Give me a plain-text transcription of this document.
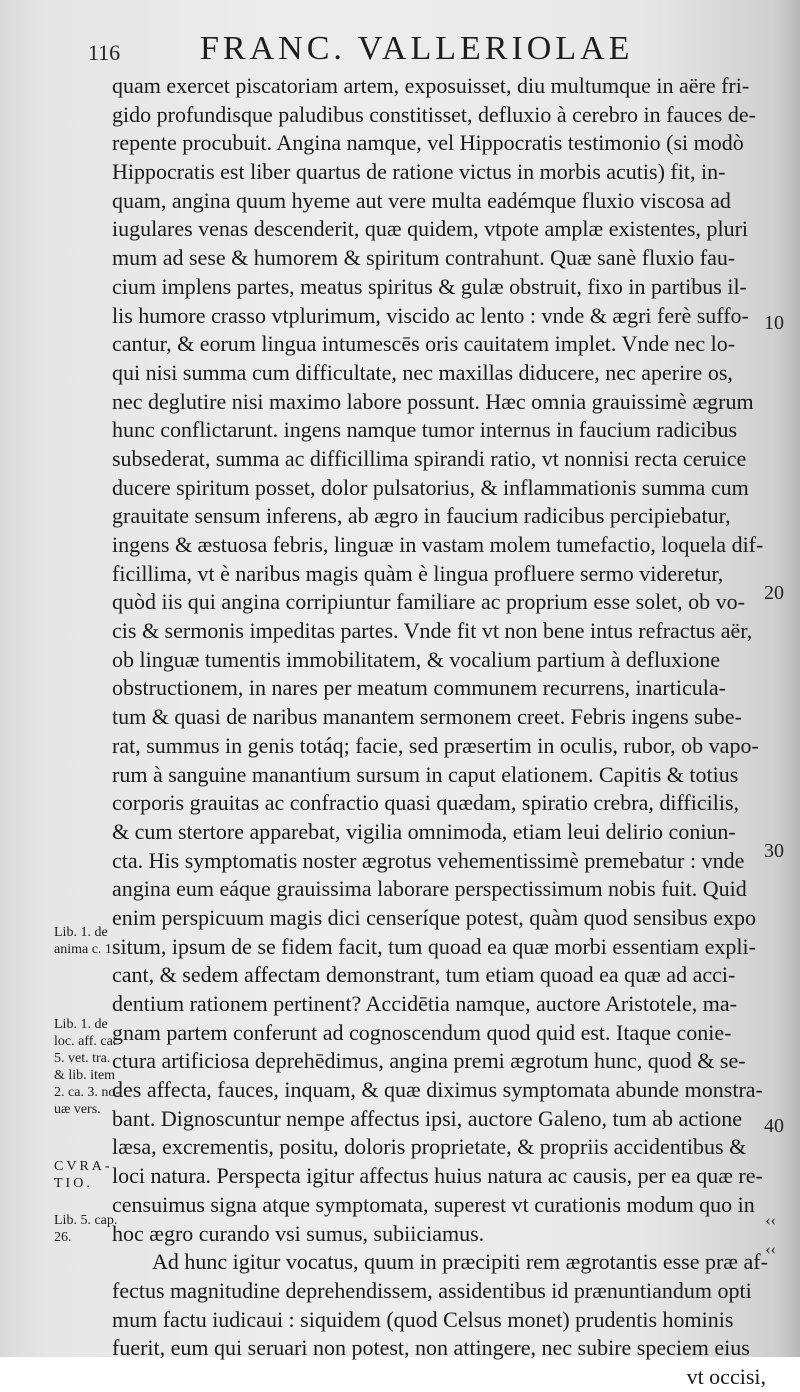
116 FRANC. VALLERIOLAE
quam exercet piscatoriam artem, exposuisset, diu multumque in aëre fri-
gido profundisque paludibus constitisset, defluxio à cerebro in fauces de-
repente procubuit. Angina namque, vel Hippocratis testimonio (si modò
Hippocratis est liber quartus de ratione victus in morbis acutis) fit, in-
quam, angina quum hyeme aut vere multa eadémque fluxio viscosa ad
iugulares venas descenderit, quæ quidem, vtpote amplæ existentes, pluri
mum ad sese & humorem & spiritum contrahunt. Quæ sanè fluxio fau-
cium implens partes, meatus spiritus & gulæ obstruit, fixo in partibus il-
lis humore crasso vtplurimum, viscido ac lento : vnde & ægri ferè suffo-
cantur, & eorum lingua intumescēs oris cauitatem implet. Vnde nec lo-
qui nisi summa cum difficultate, nec maxillas diducere, nec aperire os,
nec deglutire nisi maximo labore possunt. Hæc omnia grauissimè ægrum
hunc conflictarunt. ingens namque tumor internus in faucium radicibus
subsederat, summa ac difficillima spirandi ratio, vt nonnisi recta ceruice
ducere spiritum posset, dolor pulsatorius, & inflammationis summa cum
grauitate sensum inferens, ab ægro in faucium radicibus percipiebatur,
ingens & æstuosa febris, linguæ in vastam molem tumefactio, loquela dif-
ficillima, vt è naribus magis quàm è lingua profluere sermo videretur,
quòd iis qui angina corripiuntur familiare ac proprium esse solet, ob vo-
cis & sermonis impeditas partes. Vnde fit vt non bene intus refractus aër,
ob linguæ tumentis immobilitatem, & vocalium partium à defluxione
obstructionem, in nares per meatum communem recurrens, inarticula-
tum & quasi de naribus manantem sermonem creet. Febris ingens sube-
rat, summus in genis totáq; facie, sed præsertim in oculis, rubor, ob vapo-
rum à sanguine manantium sursum in caput elationem. Capitis & totius
corporis grauitas ac confractio quasi quædam, spiratio crebra, difficilis,
& cum stertore apparebat, vigilia omnimoda, etiam leui delirio coniun-
cta. His symptomatis noster ægrotus vehementissimè premebatur : vnde
angina eum eáque grauissima laborare perspectissimum nobis fuit. Quid
enim perspicuum magis dici censeríque potest, quàm quod sensibus expo
situm, ipsum de se fidem facit, tum quoad ea quæ morbi essentiam expli-
cant, & sedem affectam demonstrant, tum etiam quoad ea quæ ad acci-
dentium rationem pertinent? Accidētia namque, auctore Aristotele, ma-
gnam partem conferunt ad cognoscendum quod quid est. Itaque conie-
ctura artificiosa deprehēdimus, angina premi ægrotum hunc, quod & se-
des affecta, fauces, inquam, & quæ diximus symptomata abunde monstra-
bant. Dignoscuntur nempe affectus ipsi, auctore Galeno, tum ab actione
læsa, excrementis, positu, doloris proprietate, & propriis accidentibus &
loci natura. Perspecta igitur affectus huius natura ac causis, per ea quæ re-
censuimus signa atque symptomata, superest vt curationis modum quo in
hoc ægro curando vsi sumus, subiiciamus.
Ad hunc igitur vocatus, quum in præcipiti rem ægrotantis esse præ af-
fectus magnitudine deprehendissem, assidentibus id prænuntiandum opti
mum factu iudicaui : siquidem (quod Celsus monet) prudentis hominis
fuerit, eum qui seruari non potest, non attingere, nec subire speciem eius
vt occisi,
10
20
30
40
Lib. 1. de
anima c. 1.
Lib. 1. de
loc. aff. ca.
5. vet. tra.
& lib. item
2. ca. 3. no-
uæ vers.
CVRA-
TIO.
Lib. 5. cap.
26.
‹‹
‹‹
